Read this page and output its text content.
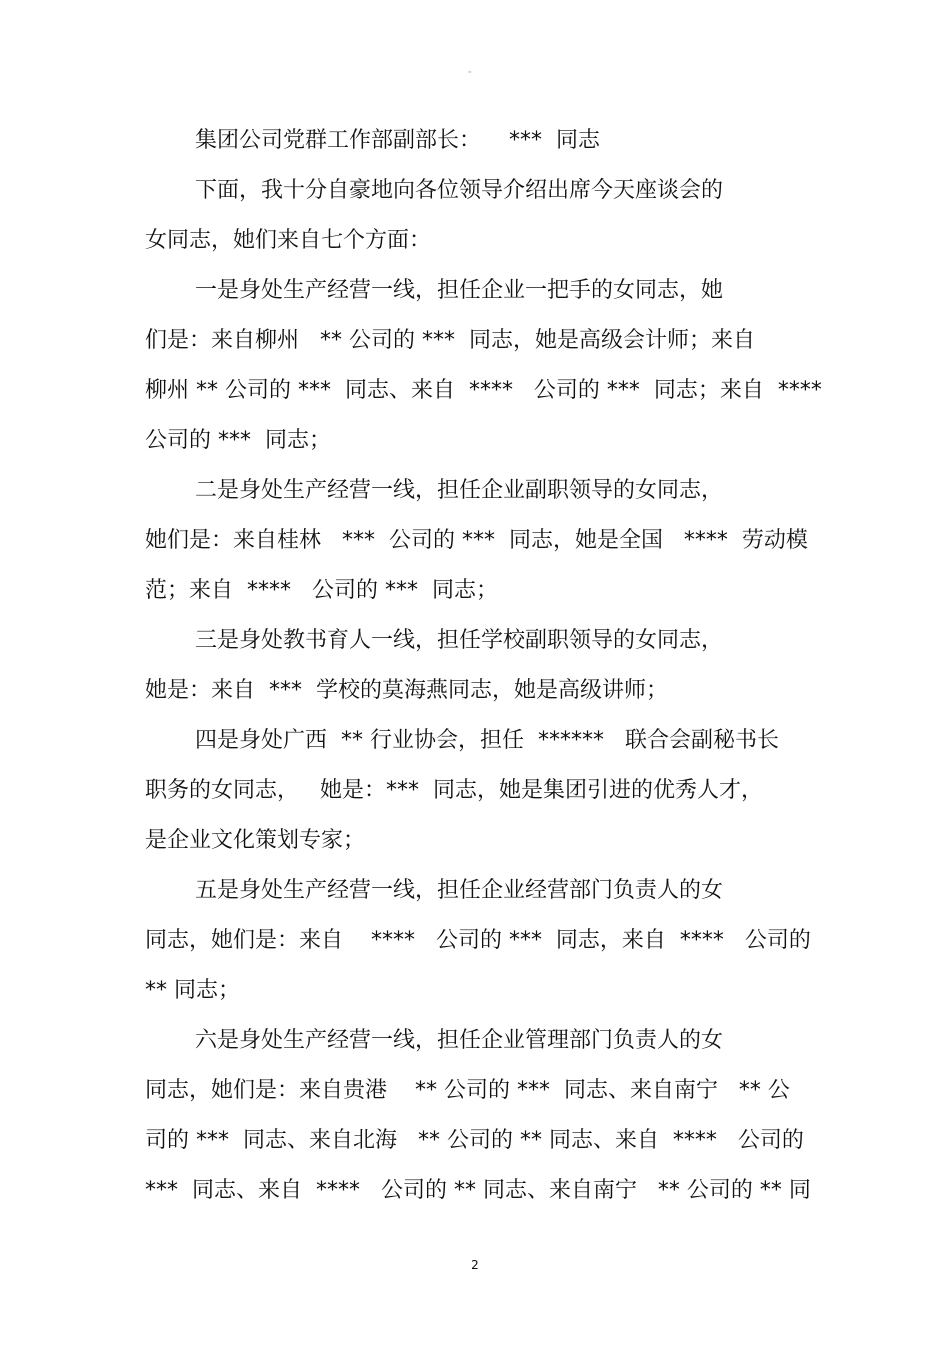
"
集团公司党群工作部副部长：    ***  同志
下面，我十分自豪地向各位领导介绍出席今天座谈会的
女同志，她们来自七个方面：
一是身处生产经营一线，担任企业一把手的女同志，她
们是：来自柳州   ** 公司的 ***  同志，她是高级会计师；来自
柳州 ** 公司的 ***  同志、来自  ****   公司的 ***  同志；来自  ****
公司的 ***  同志；
二是身处生产经营一线，担任企业副职领导的女同志，
她们是：来自桂林   ***  公司的 ***  同志，她是全国   ****  劳动模
范；来自  ****   公司的 ***  同志；
三是身处教书育人一线，担任学校副职领导的女同志，
她是：来自  ***  学校的莫海燕同志，她是高级讲师；
四是身处广西  ** 行业协会，担任  ******   联合会副秘书长
职务的女同志，   她是：***  同志，她是集团引进的优秀人才，
是企业文化策划专家；
五是身处生产经营一线，担任企业经营部门负责人的女
同志，她们是：来自    ****   公司的 ***  同志，来自  ****   公司的
** 同志；
六是身处生产经营一线，担任企业管理部门负责人的女
同志，她们是：来自贵港    ** 公司的 ***  同志、来自南宁   ** 公
司的 ***  同志、来自北海   ** 公司的 ** 同志、来自  ****   公司的
***  同志、来自  ****   公司的 ** 同志、来自南宁   ** 公司的 ** 同
2
